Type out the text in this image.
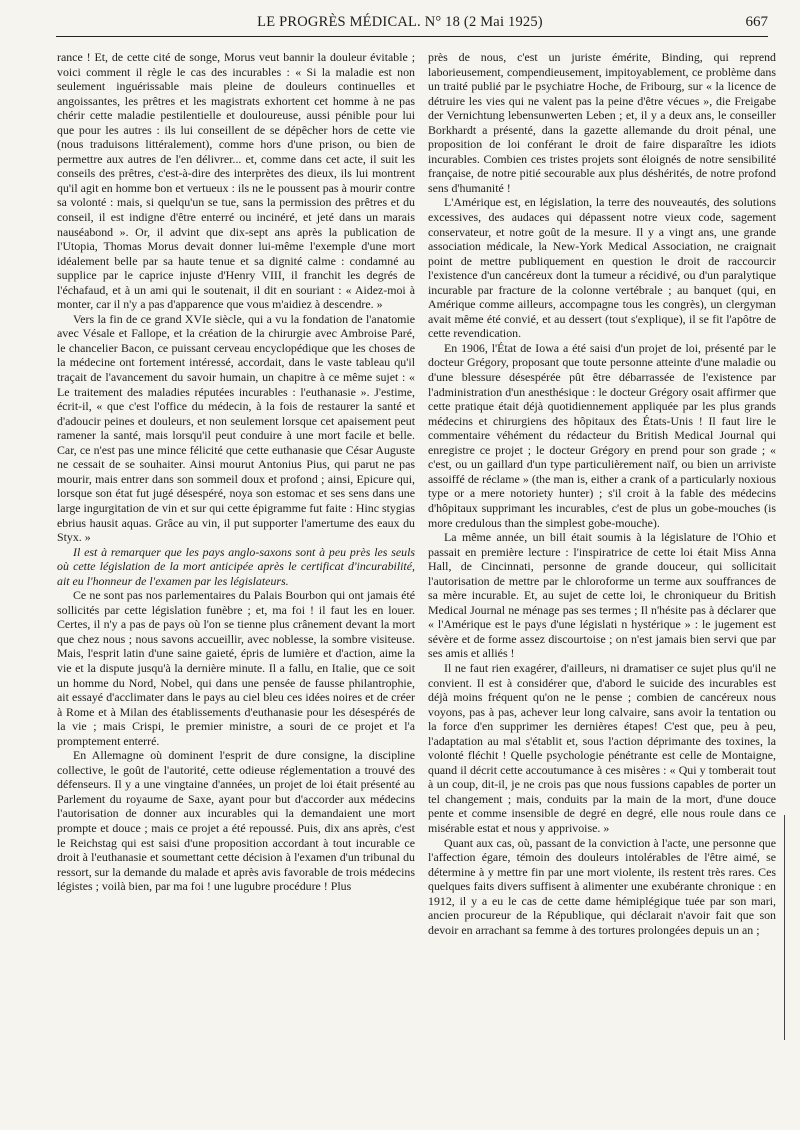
LE PROGRÈS MÉDICAL. N° 18 (2 Mai 1925)	667

rance ! Et, de cette cité de songe, Morus veut bannir la douleur évitable ; voici comment il règle le cas des incurables : « Si la maladie est non seulement inguérissable mais pleine de douleurs continuelles et angoissantes, les prêtres et les magistrats exhortent cet homme à ne pas chérir cette maladie pestilentielle et douloureuse, aussi pénible pour lui que pour les autres : ils lui conseillent de se dépêcher hors de cette vie (nous traduisons littéralement), comme hors d'une prison, ou bien de permettre aux autres de l'en délivrer... et, comme dans cet acte, il suit les conseils des prêtres, c'est-à-dire des interprètes des dieux, ils lui montrent qu'il agit en homme bon et vertueux : ils ne le poussent pas à mourir contre sa volonté : mais, si quelqu'un se tue, sans la permission des prêtres et du conseil, il est indigne d'être enterré ou incinéré, et jeté dans un marais nauséabond ». Or, il advint que dix-sept ans après la publication de l'Utopia, Thomas Morus devait donner lui-même l'exemple d'une mort idéalement belle par sa haute tenue et sa dignité calme : condamné au supplice par le caprice injuste d'Henry VIII, il franchit les degrés de l'échafaud, et à un ami qui le soutenait, il dit en souriant : « Aidez-moi à monter, car il n'y a pas d'apparence que vous m'aidiez à descendre. »

Vers la fin de ce grand XVIe siècle, qui a vu la fondation de l'anatomie avec Vésale et Fallope, et la création de la chirurgie avec Ambroise Paré, le chancelier Bacon, ce puissant cerveau encyclopédique que les choses de la médecine ont fortement intéressé, accordait, dans le vaste tableau qu'il traçait de l'avancement du savoir humain, un chapitre à ce même sujet : « Le traitement des maladies réputées incurables : l'euthanasie ». J'estime, écrit-il, « que c'est l'office du médecin, à la fois de restaurer la santé et d'adoucir peines et douleurs, et non seulement lorsque cet apaisement peut ramener la santé, mais lorsqu'il peut conduire à une mort facile et belle. Car, ce n'est pas une mince félicité que cette euthanasie que César Auguste ne cessait de se souhaiter. Ainsi mourut Antonius Pius, qui parut ne pas mourir, mais entrer dans son sommeil doux et profond ; ainsi, Epicure qui, lorsque son état fut jugé désespéré, noya son estomac et ses sens dans une large ingurgitation de vin et sur qui cette épigramme fut faite : Hinc stygias ebrius hausit aquas. Grâce au vin, il put supporter l'amertume des eaux du Styx. »

Il est à remarquer que les pays anglo-saxons sont à peu près les seuls où cette législation de la mort anticipée après le certificat d'incurabilité, ait eu l'honneur de l'examen par les législateurs.

Ce ne sont pas nos parlementaires du Palais Bourbon qui ont jamais été sollicités par cette législation funèbre ; et, ma foi ! il faut les en louer. Certes, il n'y a pas de pays où l'on se tienne plus crânement devant la mort que chez nous ; nous savons accueillir, avec noblesse, la sombre visiteuse. Mais, l'esprit latin d'une saine gaieté, épris de lumière et d'action, aime la vie et la dispute jusqu'à la dernière minute. Il a fallu, en Italie, que ce soit un homme du Nord, Nobel, qui dans une pensée de fausse philantrophie, ait essayé d'acclimater dans le pays au ciel bleu ces idées noires et de créer à Rome et à Milan des établissements d'euthanasie pour les désespérés de la vie ; mais Crispi, le premier ministre, a souri de ce projet et l'a promptement enterré.

En Allemagne où dominent l'esprit de dure consigne, la discipline collective, le goût de l'autorité, cette odieuse réglementation a trouvé des défenseurs. Il y a une vingtaine d'années, un projet de loi était présenté au Parlement du royaume de Saxe, ayant pour but d'accorder aux médecins l'autorisation de donner aux incurables qui la demandaient une mort prompte et douce ; mais ce projet a été repoussé. Puis, dix ans après, c'est le Reichstag qui est saisi d'une proposition accordant à tout incurable ce droit à l'euthanasie et soumettant cette décision à l'examen d'un tribunal du ressort, sur la demande du malade et après avis favorable de trois médecins légistes ; voilà bien, par ma foi ! une lugubre procédure ! Plus

près de nous, c'est un juriste émérite, Binding, qui reprend laborieusement, compendieusement, impitoyablement, ce problème dans un traité publié par le psychiatre Hoche, de Fribourg, sur « la licence de détruire les vies qui ne valent pas la peine d'être vécues », die Freigabe der Vernichtung lebensunwerten Leben ; et, il y a deux ans, le conseiller Borkhardt a présenté, dans la gazette allemande du droit pénal, une proposition de loi conférant le droit de faire disparaître les idiots incurables. Combien ces tristes projets sont éloignés de notre sensibilité française, de notre pitié secourable aux plus déshérités, de notre profond sens d'humanité !

L'Amérique est, en législation, la terre des nouveautés, des solutions excessives, des audaces qui dépassent notre vieux code, sagement conservateur, et notre goût de la mesure. Il y a vingt ans, une grande association médicale, la New-York Medical Association, ne craignait point de mettre publiquement en question le droit de raccourcir l'existence d'un cancéreux dont la tumeur a récidivé, ou d'un paralytique incurable par fracture de la colonne vertébrale ; au banquet (qui, en Amérique comme ailleurs, accompagne tous les congrès), un clergyman avait même été convié, et au dessert (tout s'explique), il se fit l'apôtre de cette revendication.

En 1906, l'État de Iowa a été saisi d'un projet de loi, présenté par le docteur Grégory, proposant que toute personne atteinte d'une maladie ou d'une blessure désespérée pût être débarrassée de l'existence par l'administration d'un anesthésique : le docteur Grégory osait affirmer que cette pratique était déjà quotidiennement appliquée par les plus grands médecins et chirurgiens des hôpitaux des États-Unis ! Il faut lire le commentaire véhément du rédacteur du British Medical Journal qui enregistre ce projet ; le docteur Grégory en prend pour son grade ; « c'est, ou un gaillard d'un type particulièrement naïf, ou bien un arriviste assoiffé de réclame » (the man is, either a crank of a particularly noxious type or a mere notoriety hunter) ; s'il croit à la fable des médecins d'hôpitaux supprimant les incurables, c'est de plus un gobe-mouches (is more credulous than the simplest gobe-mouche).

La même année, un bill était soumis à la législature de l'Ohio et passait en première lecture : l'inspiratrice de cette loi était Miss Anna Hall, de Cincinnati, personne de grande douceur, qui sollicitait l'autorisation de mettre par le chloroforme un terme aux souffrances de sa mère incurable. Et, au sujet de cette loi, le chroniqueur du British Medical Journal ne ménage pas ses termes ; Il n'hésite pas à déclarer que « l'Amérique est le pays d'une législati n hystérique » : le jugement est sévère et de forme assez discourtoise ; on n'est jamais bien servi que par ses amis et alliés !

Il ne faut rien exagérer, d'ailleurs, ni dramatiser ce sujet plus qu'il ne convient. Il est à considérer que, d'abord le suicide des incurables est déjà moins fréquent qu'on ne le pense ; combien de cancéreux nous voyons, pas à pas, achever leur long calvaire, sans avoir la tentation ou la force d'en supprimer les dernières étapes! C'est que, peu à peu, l'adaptation au mal s'établit et, sous l'action déprimante des toxines, la volonté fléchit ! Quelle psychologie pénétrante est celle de Montaigne, quand il décrit cette accoutumance à ces misères : « Qui y tomberait tout à un coup, dit-il, je ne crois pas que nous fussions capables de porter un tel changement ; mais, conduits par la main de la mort, d'une douce pente et comme insensible de degré en degré, elle nous roule dans ce misérable estat et nous y apprivoise. »

Quant aux cas, où, passant de la conviction à l'acte, une personne que l'affection égare, témoin des douleurs intolérables de l'être aimé, se détermine à y mettre fin par une mort violente, ils restent très rares. Ces quelques faits divers suffisent à alimenter une exubérante chronique : en 1912, il y a eu le cas de cette dame hémiplégique tuée par son mari, ancien procureur de la République, qui déclarait n'avoir fait que son devoir en arrachant sa femme à des tortures prolongées depuis un an ;
